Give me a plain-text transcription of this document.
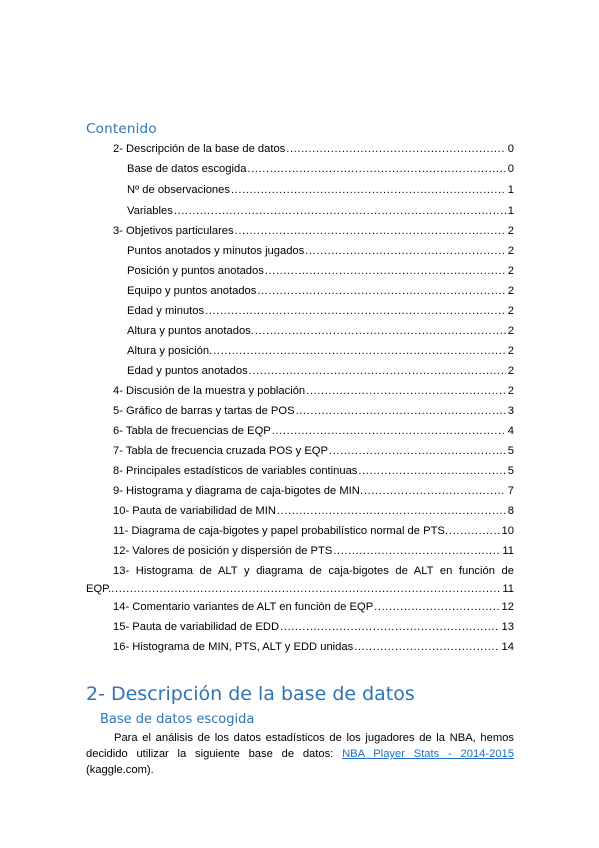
Contenido
2- Descripción de la base de datos .....	0
Base de datos escogida .....	0
Nº de observaciones .....	1
Variables .....	1
3- Objetivos particulares .....	2
Puntos anotados y minutos jugados .....	2
Posición y puntos anotados .....	2
Equipo y puntos anotados .....	2
Edad y minutos .....	2
Altura y puntos anotados. .....	2
Altura y posición. .....	2
Edad y puntos anotados .....	2
4- Discusión de la muestra y población .....	2
5- Gráfico de barras y tartas de POS .....	3
6- Tabla de frecuencias de EQP .....	4
7- Tabla de frecuencia cruzada POS y EQP .....	5
8- Principales estadísticos de variables continuas .....	5
9- Histograma y diagrama de caja-bigotes de MIN. .....	7
10- Pauta de variabilidad de MIN .....	8
11- Diagrama de caja-bigotes y papel probabilístico normal de PTS. .....	10
12- Valores de posición y dispersión de PTS .....	11
13- Histograma de ALT y diagrama de caja-bigotes de ALT en función de
EQP. .....	11
14- Comentario variantes de ALT en función de EQP .....	12
15- Pauta de variabilidad de EDD .....	13
16- Histograma de MIN, PTS, ALT y EDD unidas .....	14
2- Descripción de la base de datos
Base de datos escogida
Para el análisis de los datos estadísticos de los jugadores de la NBA, hemos decidido utilizar la siguiente base de datos: NBA Player Stats - 2014-2015 (kaggle.com).
